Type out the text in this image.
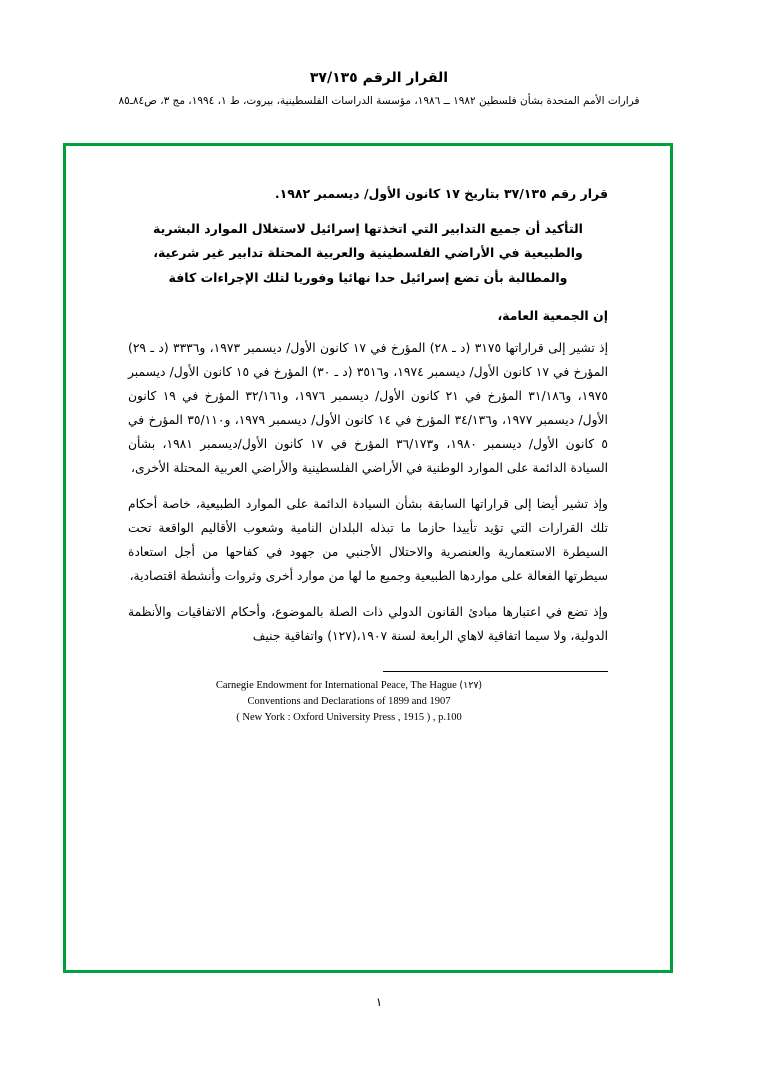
القرار الرقم ٣٧/١٣٥
قرارات الأمم المتحدة بشأن فلسطين ١٩٨٢ ــ ١٩٨٦، مؤسسة الدراسات الفلسطينية، بيروت، ط ١، ١٩٩٤، مج ٣، ص٨٤ـ٨٥
قرار رقم ٣٧/١٣٥ بتاريخ ١٧ كانون الأول/ ديسمبر ١٩٨٢.
التأكيد أن جميع التدابير التي اتخذتها إسرائيل لاستغلال الموارد البشرية والطبيعية في الأراضي الفلسطينية والعربية المحتلة تدابير غير شرعية، والمطالبة بأن تضع إسرائيل حدا نهائيا وفوريا لتلك الإجراءات كافة
إن الجمعية العامة،

إذ تشير إلى قراراتها ٣١٧٥ (د ـ ٢٨) المؤرخ في ١٧ كانون الأول/ ديسمبر ١٩٧٣، و٣٣٣٦ (د ـ ٢٩) المؤرخ في ١٧ كانون الأول/ ديسمبر ١٩٧٤، و٣٥١٦ (د ـ ٣٠) المؤرخ في ١٥ كانون الأول/ ديسمبر ١٩٧٥، و٣١/١٨٦ المؤرخ في ٢١ كانون الأول/ ديسمبر ١٩٧٦، و٣٢/١٦١ المؤرخ في ١٩ كانون الأول/ ديسمبر ١٩٧٧، و٣٤/١٣٦ المؤرخ في ١٤ كانون الأول/ ديسمبر ١٩٧٩، و٣٥/١١٠ المؤرخ في ٥ كانون الأول/ ديسمبر ١٩٨٠، و٣٦/١٧٣ المؤرخ في ١٧ كانون الأول/ديسمبر ١٩٨١، بشأن السيادة الدائمة على الموارد الوطنية في الأراضي الفلسطينية والأراضي العربية المحتلة الأخرى،

وإذ تشير أيضا إلى قراراتها السابقة بشأن السيادة الدائمة على الموارد الطبيعية، خاصة أحكام تلك القرارات التي تؤيد تأييدا حازما ما تبذله البلدان النامية وشعوب الأقاليم الواقعة تحت السيطرة الاستعمارية والعنصرية والاحتلال الأجنبي من جهود في كفاحها من أجل استعادة سيطرتها الفعالة على مواردها الطبيعية وجميع ما لها من موارد أخرى وثروات وأنشطة اقتصادية،

وإذ تضع في اعتبارها مبادئ القانون الدولي ذات الصلة بالموضوع، وأحكام الاتفاقيات والأنظمة الدولية، ولا سيما اتفاقية لاهاي الرابعة لسنة ١٩٠٧،(١٢٧) واتفاقية جنيف

Carnegie Endowment for International Peace, The Hague (١٢٧)
Conventions and Declarations of 1899 and 1907
( New York : Oxford University Press , 1915 ) , p.100
١
